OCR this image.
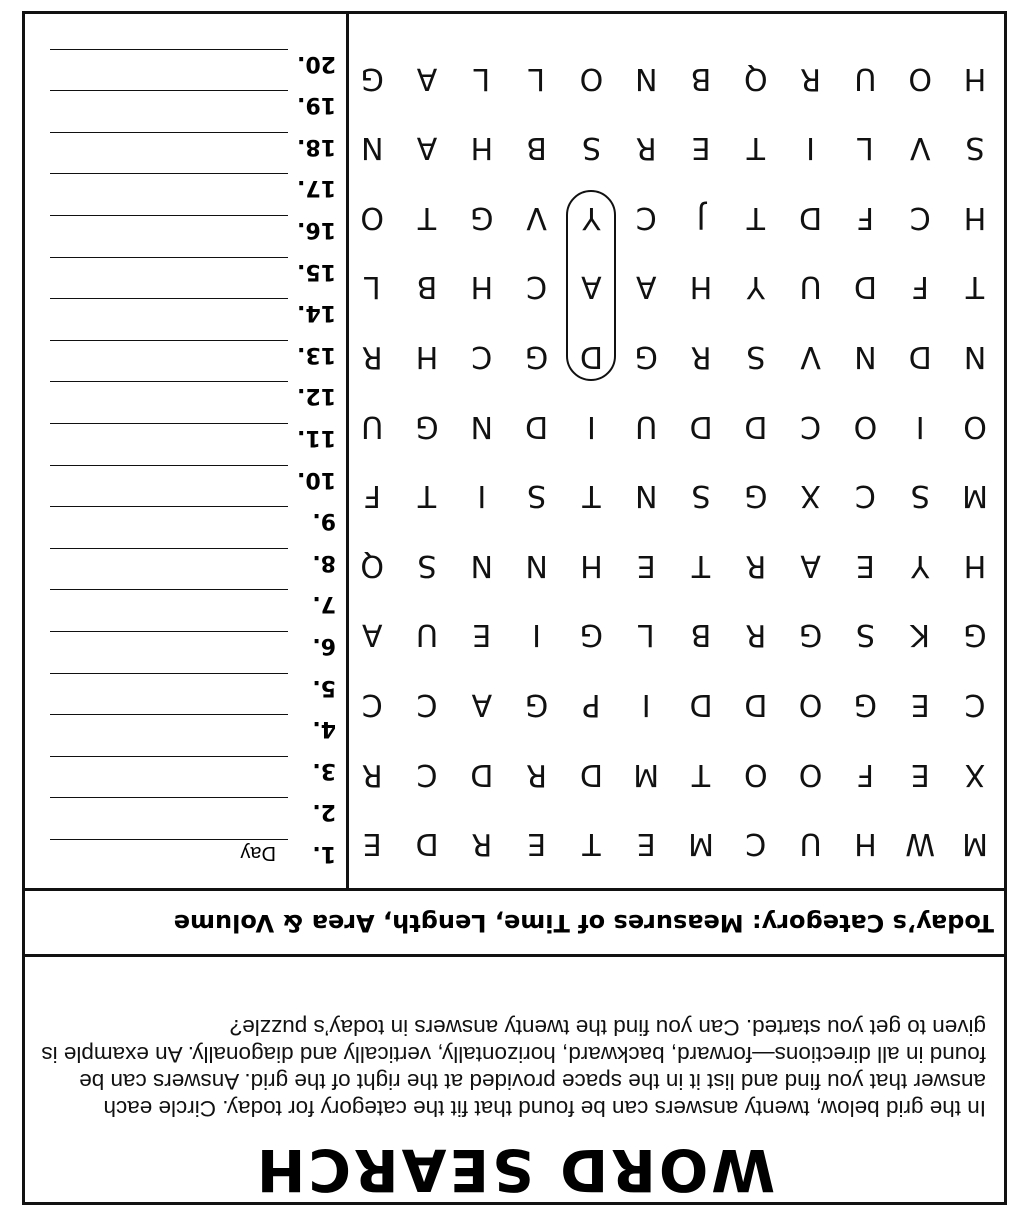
WORD SEARCH
In the grid below, twenty answers can be found that fit the category for today. Circle each answer that you find and list it in the space provided at the right of the grid. Answers can be found in all directions—forward, backward, horizontally, vertically and diagonally. An example is given to get you started. Can you find the twenty answers in today’s puzzle?
Today’s Category: Measures of Time, Length, Area & Volume
M
W
H
U
C
M
E
T
E
R
D
E
X
E
F
O
O
T
M
D
R
D
C
R
C
E
G
O
D
D
I
P
G
A
C
C
G
K
S
G
R
B
L
G
I
E
U
A
H
Y
E
A
R
T
E
H
N
N
S
Q
M
S
C
X
G
S
N
T
S
I
T
F
O
I
O
C
D
D
U
I
D
N
G
U
N
D
N
V
S
R
G
D
G
C
H
R
T
F
D
U
Y
H
A
A
C
H
B
L
H
C
F
D
T
J
C
Y
V
G
T
O
S
V
L
I
T
E
R
S
B
H
A
N
H
O
U
R
Q
B
N
O
L
L
A
G
1.
Day
2.
3.
4.
5.
6.
7.
8.
9.
10.
11.
12.
13.
14.
15.
16.
17.
18.
19.
20.
